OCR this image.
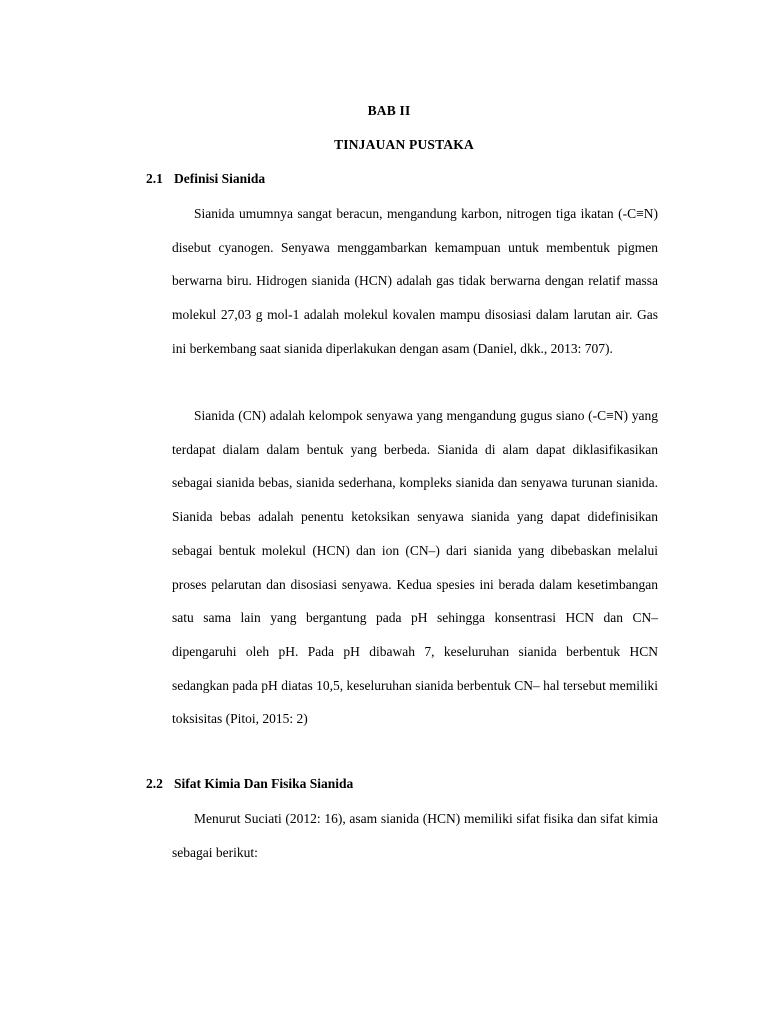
BAB II
TINJAUAN PUSTAKA
2.1 Definisi Sianida
Sianida umumnya sangat beracun, mengandung karbon, nitrogen tiga ikatan (-C≡N) disebut cyanogen. Senyawa menggambarkan kemampuan untuk membentuk pigmen berwarna biru. Hidrogen sianida (HCN) adalah gas tidak berwarna dengan relatif massa molekul 27,03 g mol-1 adalah molekul kovalen mampu disosiasi dalam larutan air. Gas ini berkembang saat sianida diperlakukan dengan asam (Daniel, dkk., 2013: 707).
Sianida (CN) adalah kelompok senyawa yang mengandung gugus siano (-C≡N) yang terdapat dialam dalam bentuk yang berbeda. Sianida di alam dapat diklasifikasikan sebagai sianida bebas, sianida sederhana, kompleks sianida dan senyawa turunan sianida. Sianida bebas adalah penentu ketoksikan senyawa sianida yang dapat didefinisikan sebagai bentuk molekul (HCN) dan ion (CN–) dari sianida yang dibebaskan melalui proses pelarutan dan disosiasi senyawa. Kedua spesies ini berada dalam kesetimbangan satu sama lain yang bergantung pada pH sehingga konsentrasi HCN dan CN– dipengaruhi oleh pH. Pada pH dibawah 7, keseluruhan sianida berbentuk HCN sedangkan pada pH diatas 10,5, keseluruhan sianida berbentuk CN– hal tersebut memiliki toksisitas (Pitoi, 2015: 2)
2.2 Sifat Kimia Dan Fisika Sianida
Menurut Suciati (2012: 16), asam sianida (HCN) memiliki sifat fisika dan sifat kimia sebagai berikut:
